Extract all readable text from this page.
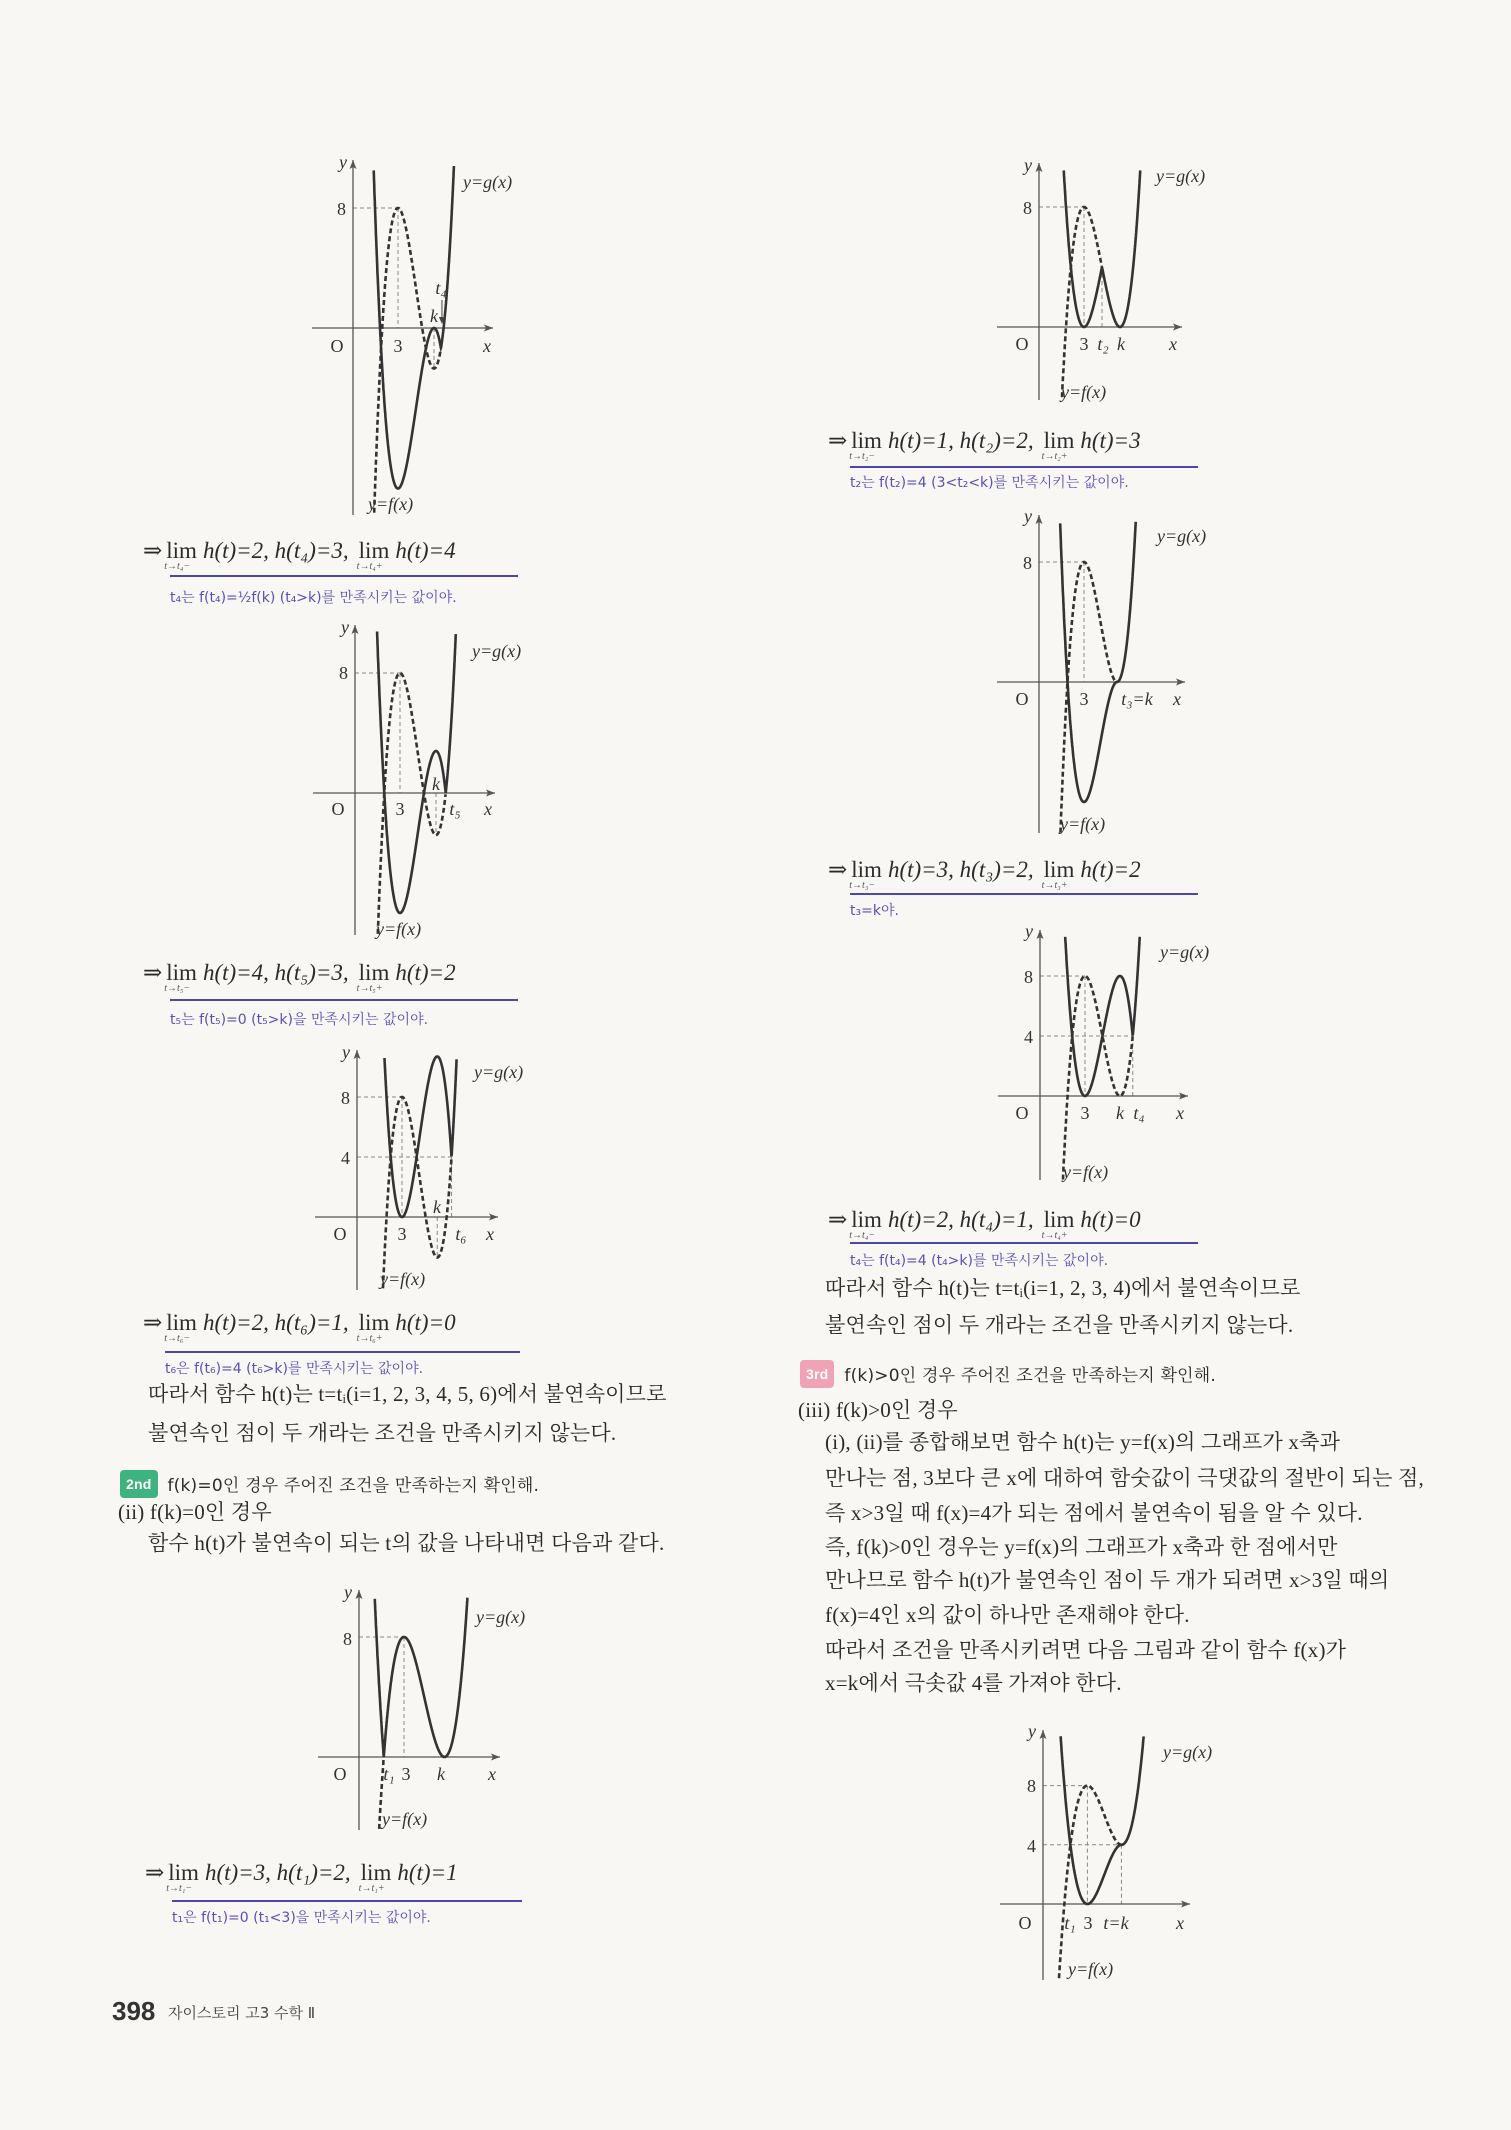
y
8
O	3	x
k
t₄
y=g(x)
y=f(x)
y
8
O	3	x
k
t₅
y=g(x)
y=f(x)
y
8
4
O	3	x
k
t₆
y=g(x)
y=f(x)
y
8
O t₁ 3 k x
y=g(x)
y=f(x)
y
8
O	3 t₂ k x
y=g(x)
y=f(x)
y
8
O	3 t₃=k x
y=g(x)
y=f(x)
y
8
4
O	3 k t₄ x
y=g(x)
y=f(x)
y
8
4
O t₁ 3 t=k	x
y=g(x)
y=f(x)
⇒ lim
t→t₄−
h(t)=2, h(t₄)=3, lim
t→t₄+
h(t)=4
t₄는 f(t₄)=½f(k) (t₄>k)를 만족시키는 값이야.
⇒ lim
t→t₅−
h(t)=4, h(t₅)=3, lim
t→t₅+
h(t)=2
t₅는 f(t₅)=0 (t₅>k)을 만족시키는 값이야.
⇒ lim
t→t₆−
h(t)=2, h(t₆)=1, lim
t→t₆+
h(t)=0
t₆은 f(t₆)=4 (t₆>k)를 만족시키는 값이야.
⇒ lim
t→t₁−
h(t)=3, h(t₁)=2, lim
t→t₁+
h(t)=1
t₁은 f(t₁)=0 (t₁<3)을 만족시키는 값이야.
⇒ lim
t→t₂−
h(t)=1, h(t₂)=2, lim
t→t₂+
h(t)=3
t₂는 f(t₂)=4 (3<t₂<k)를 만족시키는 값이야.
⇒ lim
t→t₃−
h(t)=3, h(t₃)=2, lim
t→t₃+
h(t)=2
t₃=k야.
⇒ lim
t→t₄−
h(t)=2, h(t₄)=1, lim
t→t₄+
h(t)=0
t₄는 f(t₄)=4 (t₄>k)를 만족시키는 값이야.
따라서 함수 h(t)는 t=tᵢ(i=1, 2, 3, 4, 5, 6)에서 불연속이므로
불연속인 점이 두 개라는 조건을 만족시키지 않는다.
2nd f(k)=0인 경우 주어진 조건을 만족하는지 확인해.
(ii) f(k)=0인 경우
함수 h(t)가 불연속이 되는 t의 값을 나타내면 다음과 같다.
따라서 함수 h(t)는 t=tᵢ(i=1, 2, 3, 4)에서 불연속이므로
불연속인 점이 두 개라는 조건을 만족시키지 않는다.
3rd f(k)>0인 경우 주어진 조건을 만족하는지 확인해.
(iii) f(k)>0인 경우
(i), (ii)를 종합해보면 함수 h(t)는 y=f(x)의 그래프가 x축과
만나는 점, 3보다 큰 x에 대하여 함숫값이 극댓값의 절반이 되는 점,
즉 x>3일 때 f(x)=4가 되는 점에서 불연속이 됨을 알 수 있다.
즉, f(k)>0인 경우는 y=f(x)의 그래프가 x축과 한 점에서만
만나므로 함수 h(t)가 불연속인 점이 두 개가 되려면 x>3일 때의
f(x)=4인 x의 값이 하나만 존재해야 한다.
따라서 조건을 만족시키려면 다음 그림과 같이 함수 f(x)가
x=k에서 극솟값 4를 가져야 한다.
398 자이스토리 고3 수학 Ⅱ
